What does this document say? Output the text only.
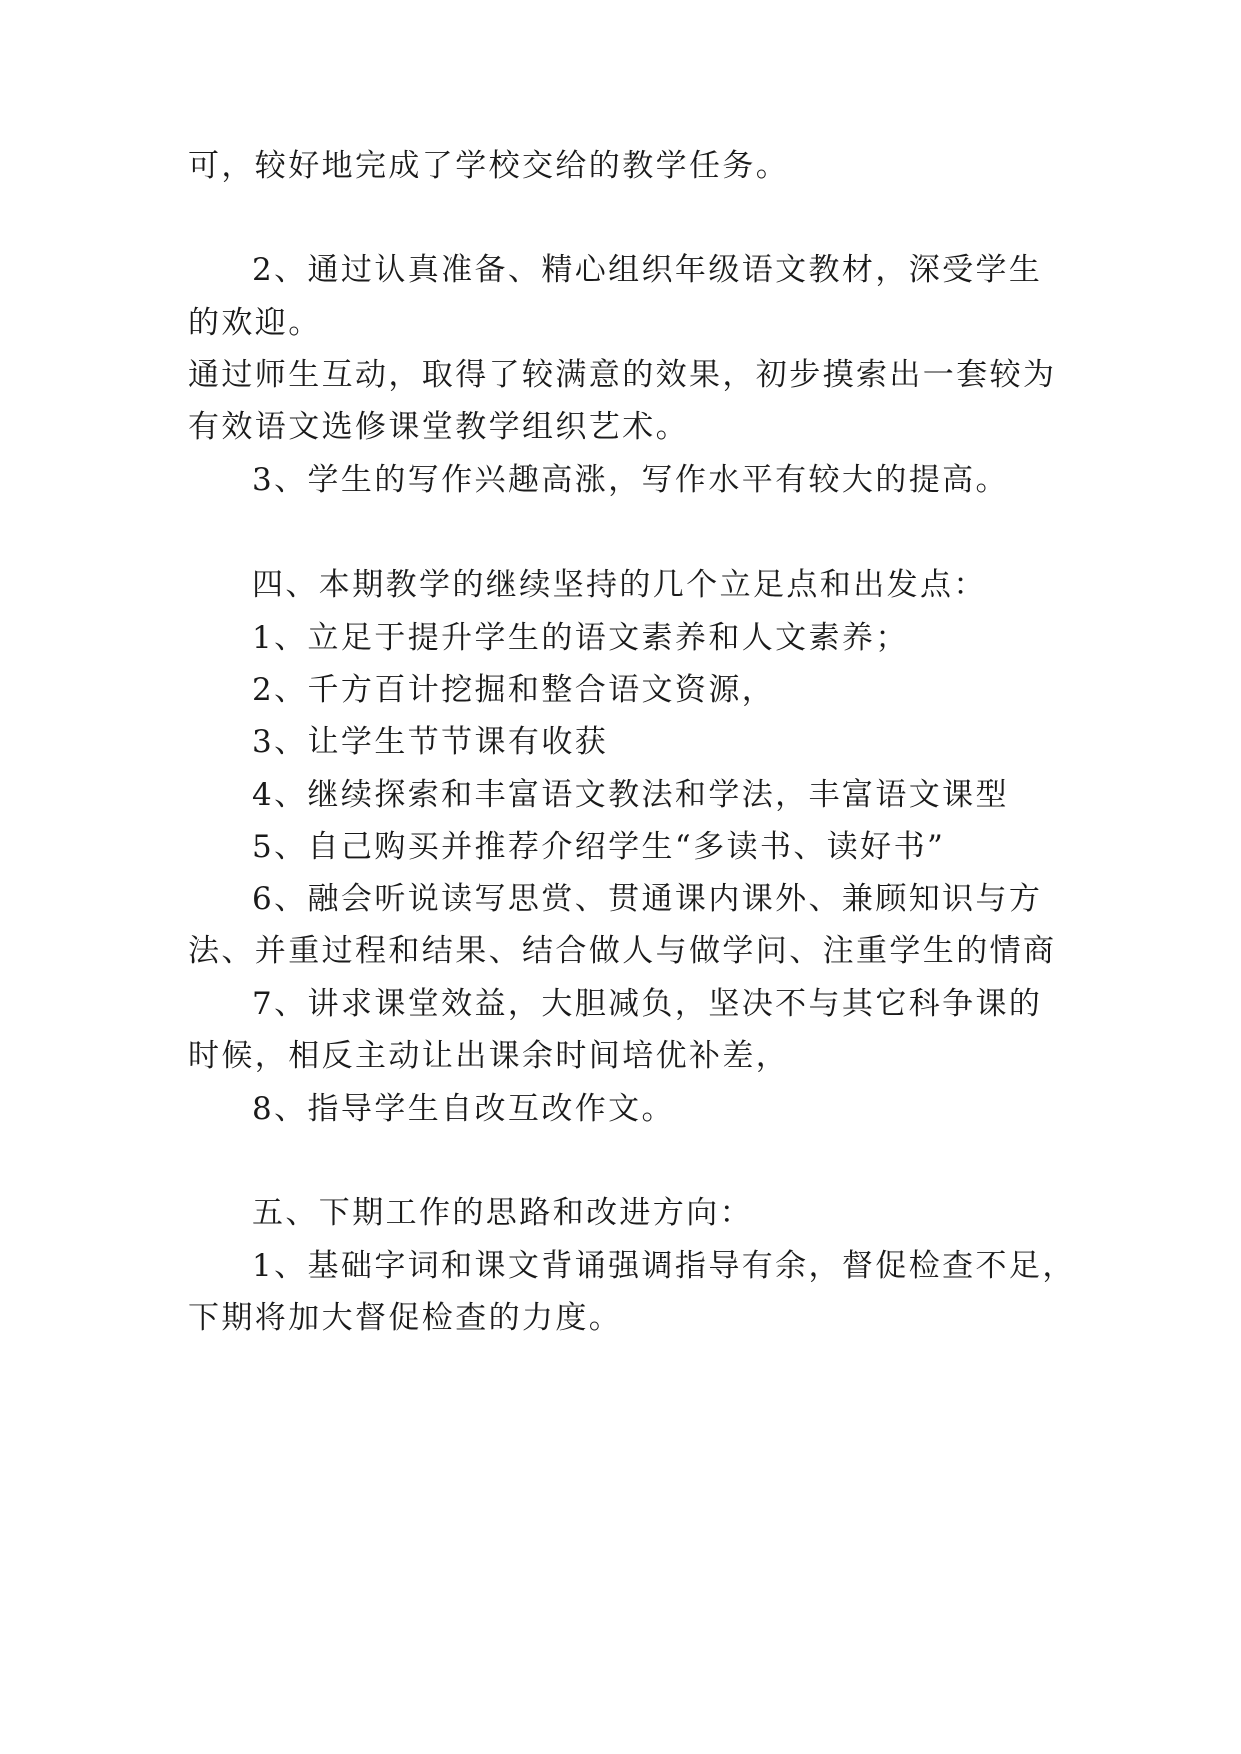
可，较好地完成了学校交给的教学任务。

2、通过认真准备、精心组织年级语文教材，深受学生

的欢迎。

通过师生互动，取得了较满意的效果，初步摸索出一套较为

有效语文选修课堂教学组织艺术。

3、学生的写作兴趣高涨，写作水平有较大的提高。

四、本期教学的继续坚持的几个立足点和出发点：

1、立足于提升学生的语文素养和人文素养；

2、千方百计挖掘和整合语文资源，

3、让学生节节课有收获

4、继续探索和丰富语文教法和学法，丰富语文课型

5、自己购买并推荐介绍学生“多读书、读好书”

6、融会听说读写思赏、贯通课内课外、兼顾知识与方

法、并重过程和结果、结合做人与做学问、注重学生的情商

7、讲求课堂效益，大胆减负，坚决不与其它科争课的

时候，相反主动让出课余时间培优补差，

8、指导学生自改互改作文。

五、下期工作的思路和改进方向：

1、基础字词和课文背诵强调指导有余，督促检查不足，

下期将加大督促检查的力度。
